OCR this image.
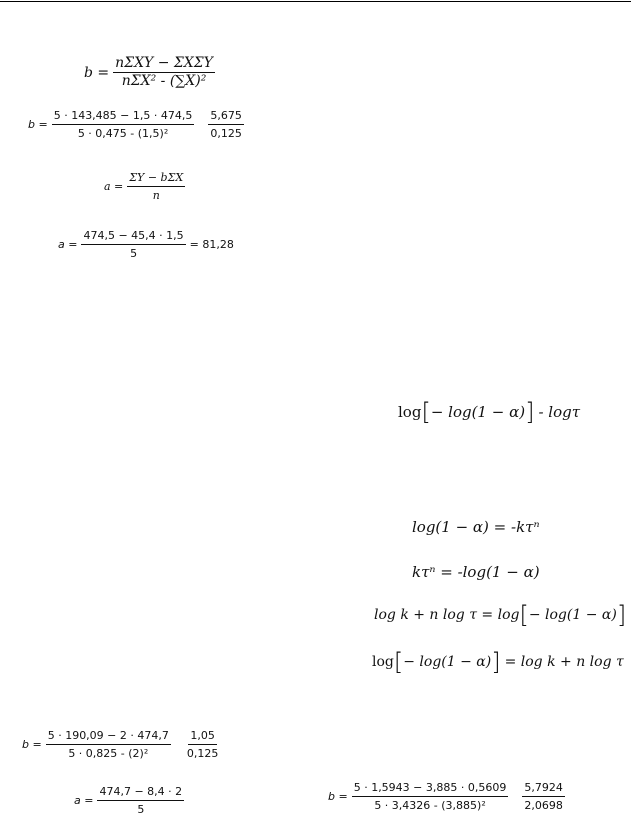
$b = \frac{\text{nΣXY − ΣXΣY}}{\text{nΣX² - (∑X)²}}$
$b = \frac{5 \cdot 143,485 - 1,5 \cdot 474,5}{\text{5 · 0,475 - (1,5)²}} \frac{5,675}{0,125}$
$a = \frac{\text{ΣY − bΣX}}{n}$
$a = \frac{474,5 - 45,4 \cdot 1,5}{5} = 81,28$
log [ − log(1 − α) ] - logτ
log(1 − α) = -kτⁿ
kτⁿ = -log(1 − α)
log k + n log τ = log [ − log(1 − α) ]
log [ − log(1 − α) ] = log k + n log τ
$b = \frac{5 \cdot 190,09 - 2 \cdot 474,7}{\text{5 · 0,825 - (2)²}} \frac{1,05}{0,125}$
$a = \frac{474,7 - 8,4 \cdot 2}{5}$	$b = \frac{5 \cdot 1,5943 - 3,885 \cdot 0,5609}{\text{5 · 3,4326 - (3,885)²}} \frac{5,7924}{2,0698}$
